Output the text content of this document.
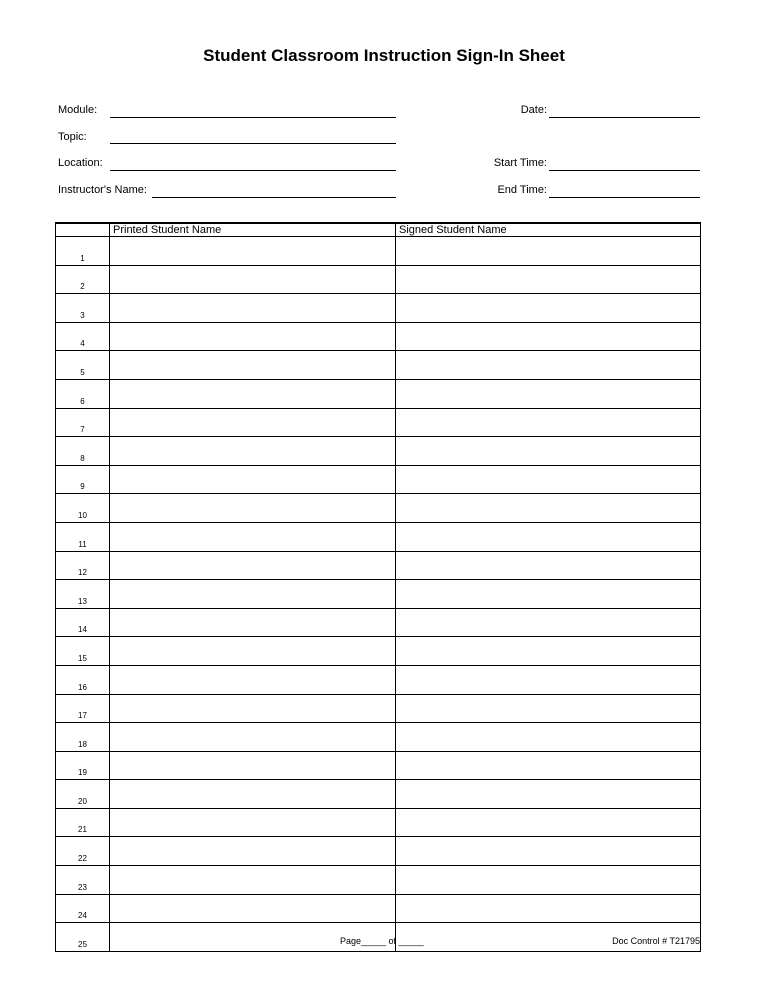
Student Classroom Instruction Sign-In Sheet
Module:
Topic:
Location:
Instructor's Name:
Date:
Start Time:
End Time:
	Printed Student Name	Signed Student Name
1		
2		
3		
4		
5		
6		
7		
8		
9		
10		
11		
12		
13		
14		
15		
16		
17		
18		
19		
20		
21		
22		
23		
24		
25			Page_____ of _____	Doc Control # T21795
